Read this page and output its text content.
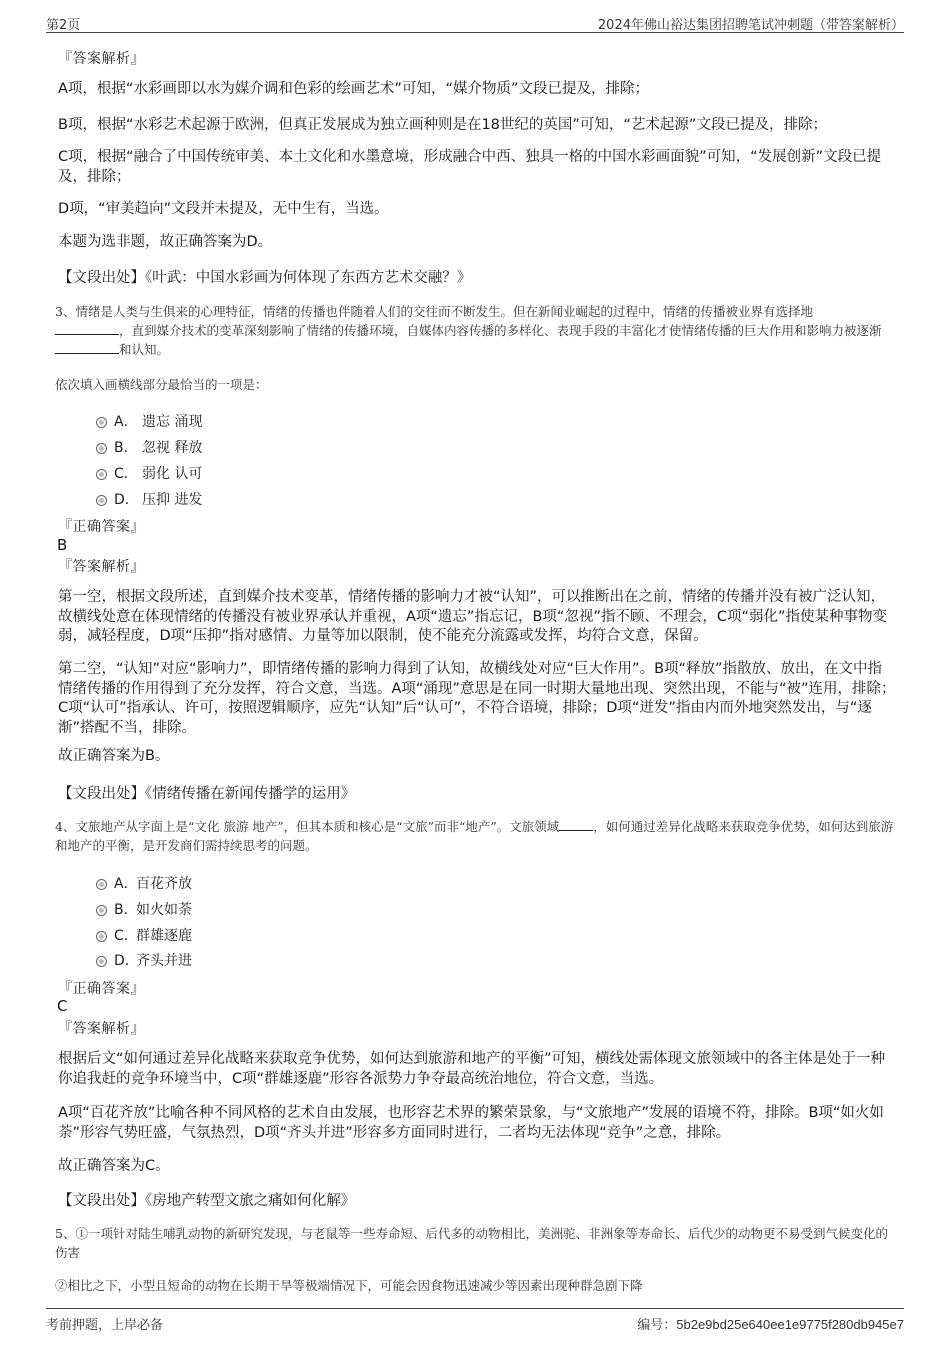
第2页	2024年佛山裕达集团招聘笔试冲刺题（带答案解析）
『答案解析』
A项，根据“水彩画即以水为媒介调和色彩的绘画艺术”可知，“媒介物质”文段已提及，排除；
B项，根据“水彩艺术起源于欧洲，但真正发展成为独立画种则是在18世纪的英国”可知，“艺术起源”文段已提及，排除；
C项，根据“融合了中国传统审美、本土文化和水墨意境，形成融合中西、独具一格的中国水彩画面貌”可知，“发展创新”文段已提及，排除；
D项，“审美趋向”文段并未提及，无中生有，当选。
本题为选非题，故正确答案为D。
【文段出处】《叶武：中国水彩画为何体现了东西方艺术交融？》
3、情绪是人类与生俱来的心理特征，情绪的传播也伴随着人们的交往而不断发生。但在新闻业崛起的过程中，情绪的传播被业界有选择地
，直到媒介技术的变革深刻影响了情绪的传播环境，自媒体内容传播的多样化、表现手段的丰富化才使情绪传播的巨大作用和影响力被逐渐
和认知。
依次填入画横线部分最恰当的一项是：
A． 遗忘 涌现
B． 忽视 释放
C． 弱化 认可
D． 压抑 进发
『正确答案』
B
『答案解析』
第一空，根据文段所述，直到媒介技术变革，情绪传播的影响力才被“认知”，可以推断出在之前，情绪的传播并没有被广泛认知，故横线处意在体现情绪的传播没有被业界承认并重视，A项“遗忘”指忘记，B项“忽视”指不顾、不理会，C项“弱化”指使某种事物变弱，减轻程度，D项“压抑”指对感情、力量等加以限制，使不能充分流露或发挥，均符合文意，保留。
第二空，“认知”对应“影响力”，即情绪传播的影响力得到了认知，故横线处对应“巨大作用”。B项“释放”指散放、放出，在文中指情绪传播的作用得到了充分发挥，符合文意，当选。A项“涌现”意思是在同一时期大量地出现、突然出现，不能与“被”连用，排除；C项“认可”指承认、许可，按照逻辑顺序，应先“认知”后“认可”，不符合语境，排除；D项“迸发”指由内而外地突然发出，与“逐渐”搭配不当，排除。
故正确答案为B。
【文段出处】《情绪传播在新闻传播学的运用》
4、文旅地产从字面上是“文化 旅游 地产”，但其本质和核心是“文旅”而非“地产”。文旅领域	，如何通过差异化战略来获取竞争优势，如何达到旅游和地产的平衡，是开发商们需持续思考的问题。
A．
百花齐放
B．
如火如荼
C．
群雄逐鹿
D．
齐头并进
『正确答案』
C
『答案解析』
根据后文“如何通过差异化战略来获取竞争优势，如何达到旅游和地产的平衡”可知，横线处需体现文旅领域中的各主体是处于一种你追我赶的竞争环境当中，C项“群雄逐鹿”形容各派势力争夺最高统治地位，符合文意，当选。
A项“百花齐放”比喻各种不同风格的艺术自由发展，也形容艺术界的繁荣景象，与“文旅地产”发展的语境不符，排除。B项“如火如荼”形容气势旺盛，气氛热烈，D项“齐头并进”形容多方面同时进行，二者均无法体现“竞争”之意，排除。
故正确答案为C。
【文段出处】《房地产转型文旅之痛如何化解》
5、①一项针对陆生哺乳动物的新研究发现，与老鼠等一些寿命短、后代多的动物相比，美洲驼、非洲象等寿命长、后代少的动物更不易受到气候变化的伤害
②相比之下，小型且短命的动物在长期干旱等极端情况下，可能会因食物迅速减少等因素出现种群急剧下降
考前押题，上岸必备	编号：5b2e9bd25e640ee1e9775f280db945e7
